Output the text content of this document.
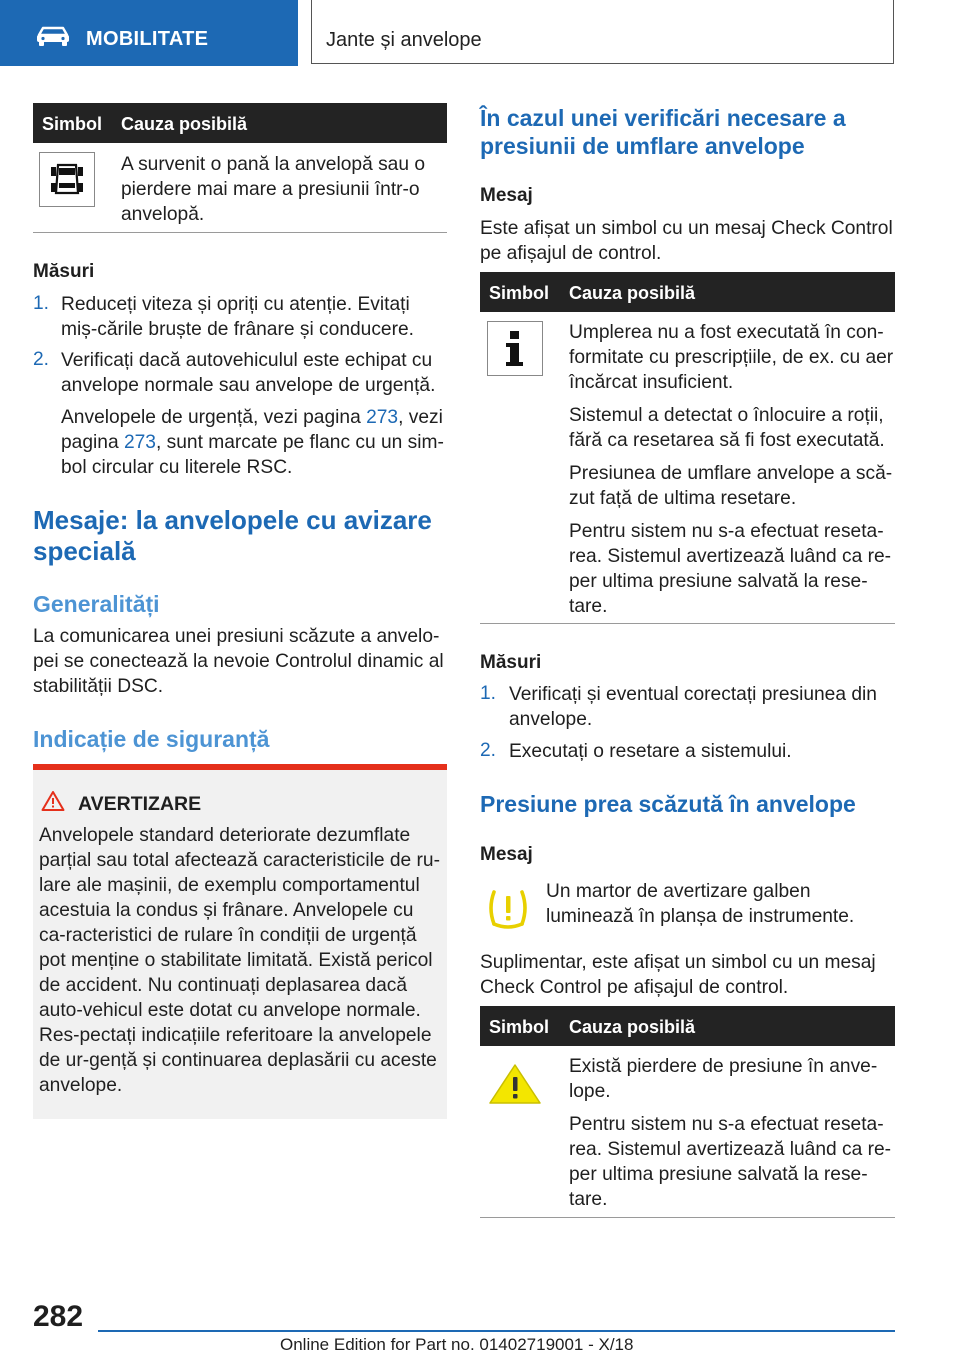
MOBILITATE	Jante și anvelope
Simbol Cauza posibilă
A survenit o pană la anvelopă sau o pierdere mai mare a presiunii într-o anvelopă.
Măsuri
1. Reduceți viteza și opriți cu atenție. Evitați miș-cările bruște de frânare și conducere.
2. Verificați dacă autovehiculul este echipat cu anvelope normale sau anvelope de urgență.
Anvelopele de urgență, vezi pagina 273, vezi pagina 273, sunt marcate pe flanc cu un sim-bol circular cu literele RSC.
Mesaje: la anvelopele cu avizare specială
Generalități
La comunicarea unei presiuni scăzute a anvelo-pei se conectează la nevoie Controlul dinamic al stabilității DSC.
Indicație de siguranță
AVERTIZARE
Anvelopele standard deteriorate dezumflate parțial sau total afectează caracteristicile de ru-lare ale mașinii, de exemplu comportamentul acestuia la condus și frânare. Anvelopele cu ca-racteristici de rulare în condiții de urgență pot menține o stabilitate limitată. Există pericol de accident. Nu continuați deplasarea dacă auto-vehicul este dotat cu anvelope normale. Res-pectați indicațiile referitoare la anvelopele de ur-gență și continuarea deplasării cu aceste anvelope.
În cazul unei verificări necesare a presiunii de umflare anvelope
Mesaj
Este afișat un simbol cu un mesaj Check Control pe afișajul de control.
Simbol Cauza posibilă

Umplerea nu a fost executată în con-formitate cu prescripțiile, de ex. cu aer încărcat insuficient.

Sistemul a detectat o înlocuire a roții, fără ca resetarea să fi fost executată.

Presiunea de umflare anvelope a scă-zut față de ultima resetare.

Pentru sistem nu s-a efectuat reseta-rea. Sistemul avertizează luând ca re-per ultima presiune salvată la rese-tare.

Măsuri
1. Verificați și eventual corectați presiunea din anvelope.
2. Executați o resetare a sistemului.
Presiune prea scăzută în anvelope
Mesaj
Un martor de avertizare galben luminează în planșa de instrumente.
Suplimentar, este afișat un simbol cu un mesaj Check Control pe afișajul de control.
Simbol Cauza posibilă

Există pierdere de presiune în anve-lope.

Pentru sistem nu s-a efectuat reseta-rea. Sistemul avertizează luând ca re-per ultima presiune salvată la rese-tare.

282
Online Edition for Part no. 01402719001 - X/18
